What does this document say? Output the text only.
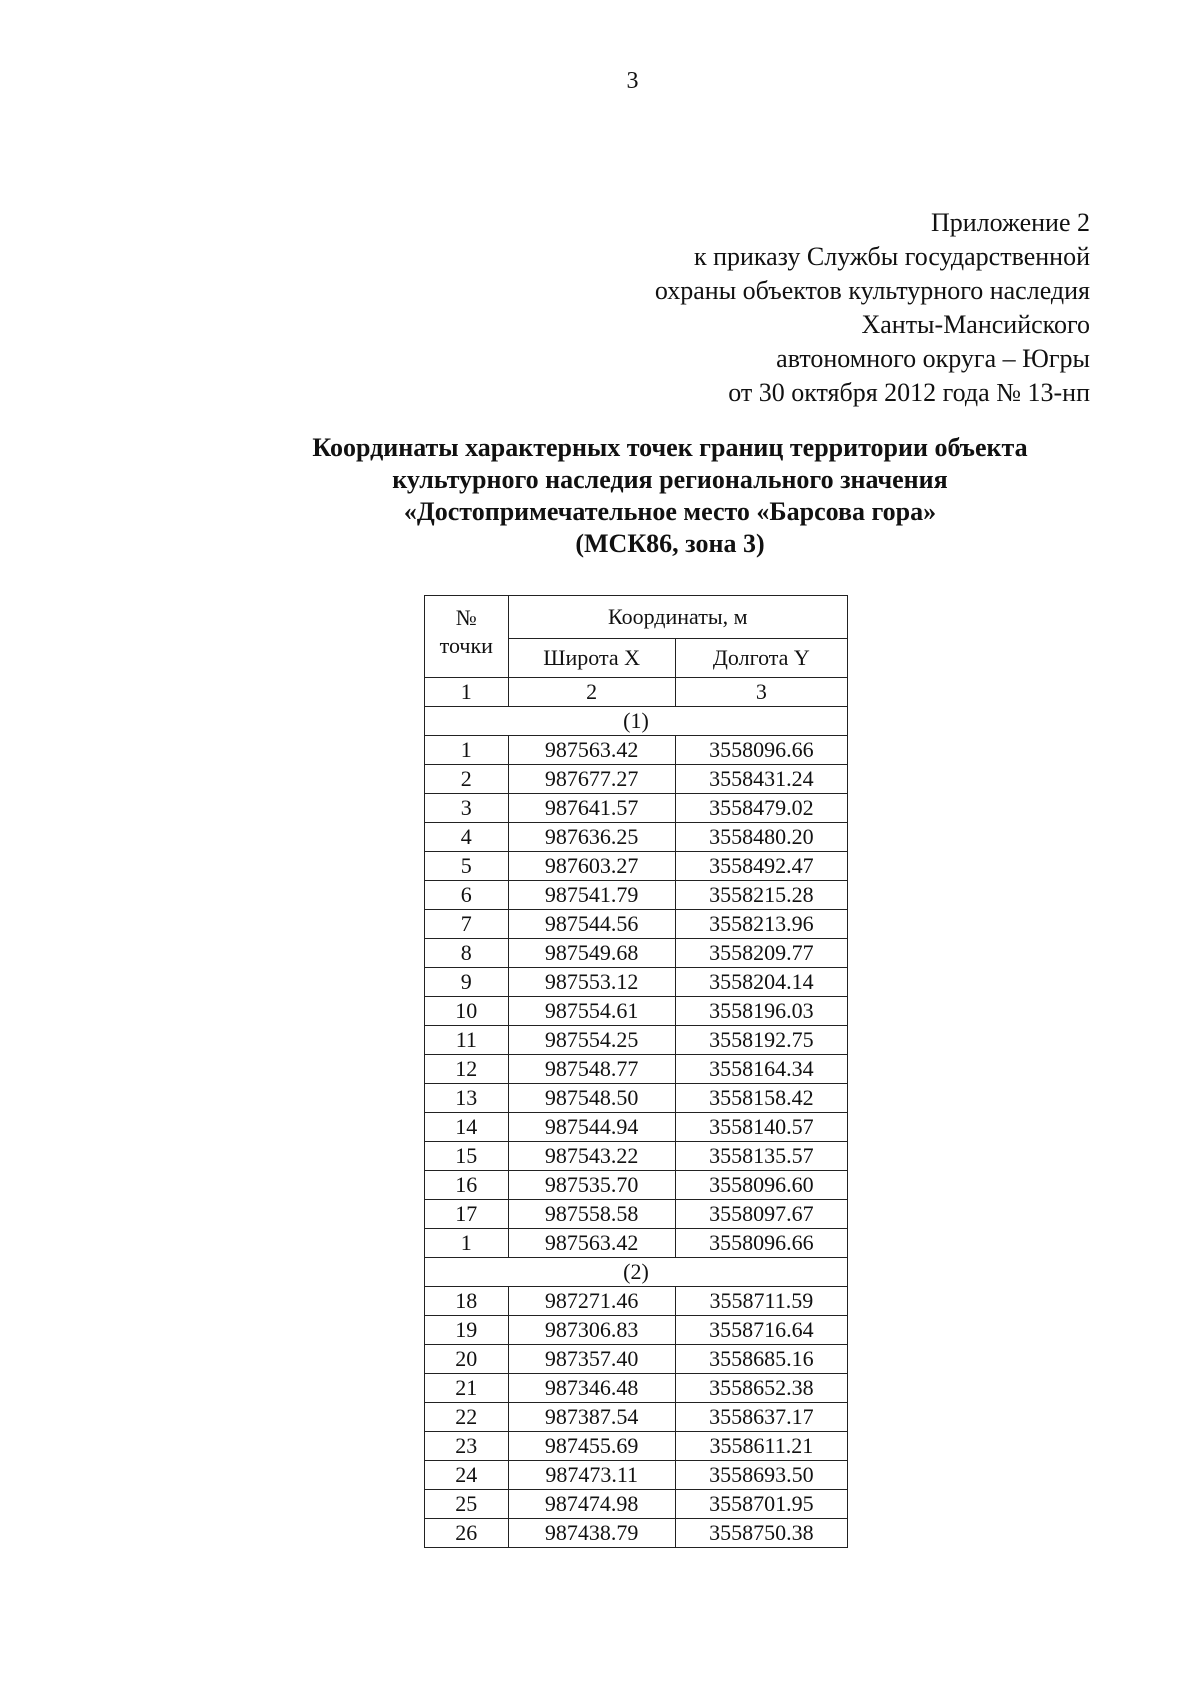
3
Приложение 2
к приказу Службы государственной
охраны объектов культурного наследия
Ханты-Мансийского
автономного округа – Югры
от 30 октября 2012 года № 13-нп
Координаты характерных точек границ территории объекта
культурного наследия регионального значения
«Достопримечательное место «Барсова гора»
(МСК86, зона 3)
№
точки	Координаты, м	
	Широта X	Долгота Y
1	2	3
(1)		
1	987563.42	3558096.66
2	987677.27	3558431.24
3	987641.57	3558479.02
4	987636.25	3558480.20
5	987603.27	3558492.47
6	987541.79	3558215.28
7	987544.56	3558213.96
8	987549.68	3558209.77
9	987553.12	3558204.14
10	987554.61	3558196.03
11	987554.25	3558192.75
12	987548.77	3558164.34
13	987548.50	3558158.42
14	987544.94	3558140.57
15	987543.22	3558135.57
16	987535.70	3558096.60
17	987558.58	3558097.67
1	987563.42	3558096.66
(2)		
18	987271.46	3558711.59
19	987306.83	3558716.64
20	987357.40	3558685.16
21	987346.48	3558652.38
22	987387.54	3558637.17
23	987455.69	3558611.21
24	987473.11	3558693.50
25	987474.98	3558701.95
26	987438.79	3558750.38
